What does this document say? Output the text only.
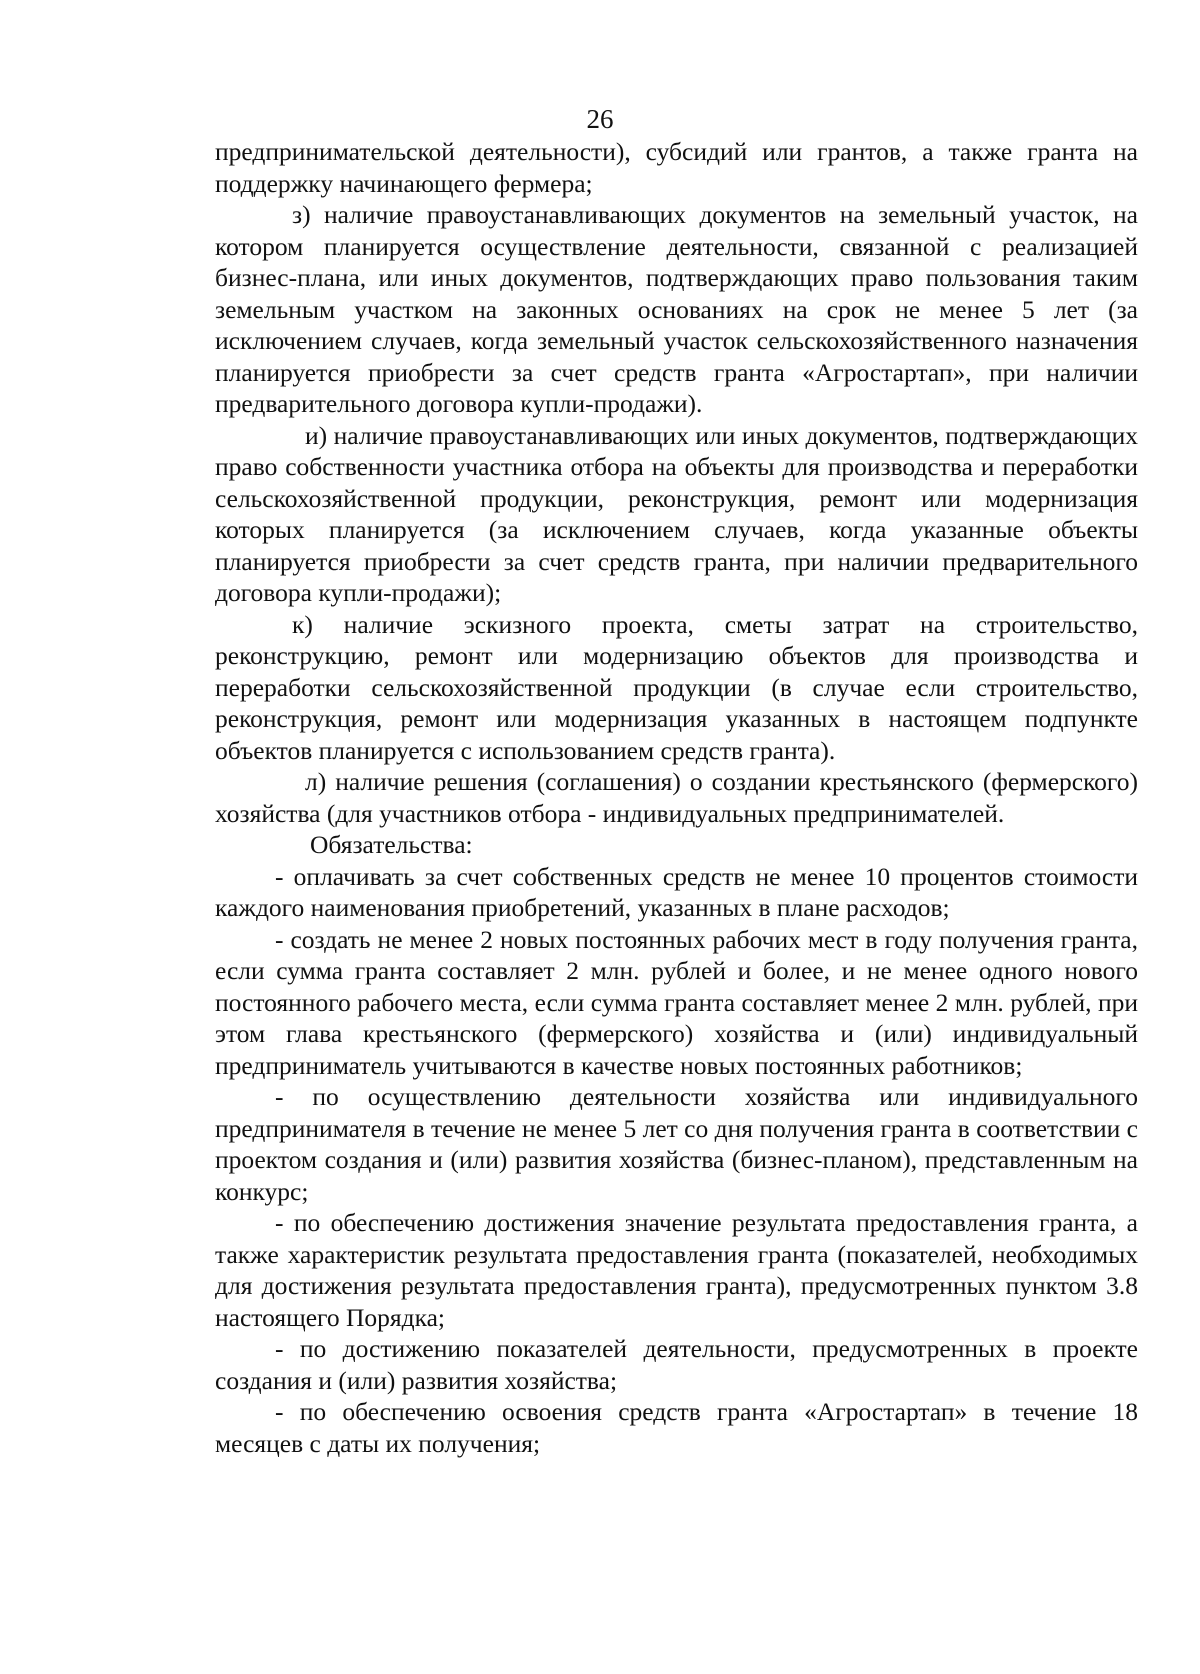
26

предпринимательской деятельности), субсидий или грантов, а также гранта на поддержку начинающего фермера;

з) наличие правоустанавливающих документов на земельный участок, на котором планируется осуществление деятельности, связанной с реализацией бизнес-плана, или иных документов, подтверждающих право пользования таким земельным участком на законных основаниях на срок не менее 5 лет (за исключением случаев, когда земельный участок сельскохозяйственного назначения планируется приобрести за счет средств гранта «Агростартап», при наличии предварительного договора купли-продажи).

и) наличие правоустанавливающих или иных документов, подтверждающих право собственности участника отбора на объекты для производства и переработки сельскохозяйственной продукции, реконструкция, ремонт или модернизация которых планируется (за исключением случаев, когда указанные объекты планируется приобрести за счет средств гранта, при наличии предварительного договора купли-продажи);

к) наличие эскизного проекта, сметы затрат на строительство, реконструкцию, ремонт или модернизацию объектов для производства и переработки сельскохозяйственной продукции (в случае если строительство, реконструкция, ремонт или модернизация указанных в настоящем подпункте объектов планируется с использованием средств гранта).

л) наличие решения (соглашения) о создании крестьянского (фермерского) хозяйства (для участников отбора - индивидуальных предпринимателей.

Обязательства:

- оплачивать за счет собственных средств не менее 10 процентов стоимости каждого наименования приобретений, указанных в плане расходов;

- создать не менее 2 новых постоянных рабочих мест в году получения гранта, если сумма гранта составляет 2 млн. рублей и более, и не менее одного нового постоянного рабочего места, если сумма гранта составляет менее 2 млн. рублей, при этом глава крестьянского (фермерского) хозяйства и (или) индивидуальный предприниматель учитываются в качестве новых постоянных работников;

- по осуществлению деятельности хозяйства или индивидуального предпринимателя в течение не менее 5 лет со дня получения гранта в соответствии с проектом создания и (или) развития хозяйства (бизнес-планом), представленным на конкурс;

- по обеспечению достижения значение результата предоставления гранта, а также характеристик результата предоставления гранта (показателей, необходимых для достижения результата предоставления гранта), предусмотренных пунктом 3.8 настоящего Порядка;

- по достижению показателей деятельности, предусмотренных в проекте создания и (или) развития хозяйства;

- по обеспечению освоения средств гранта «Агростартап» в течение 18 месяцев с даты их получения;
